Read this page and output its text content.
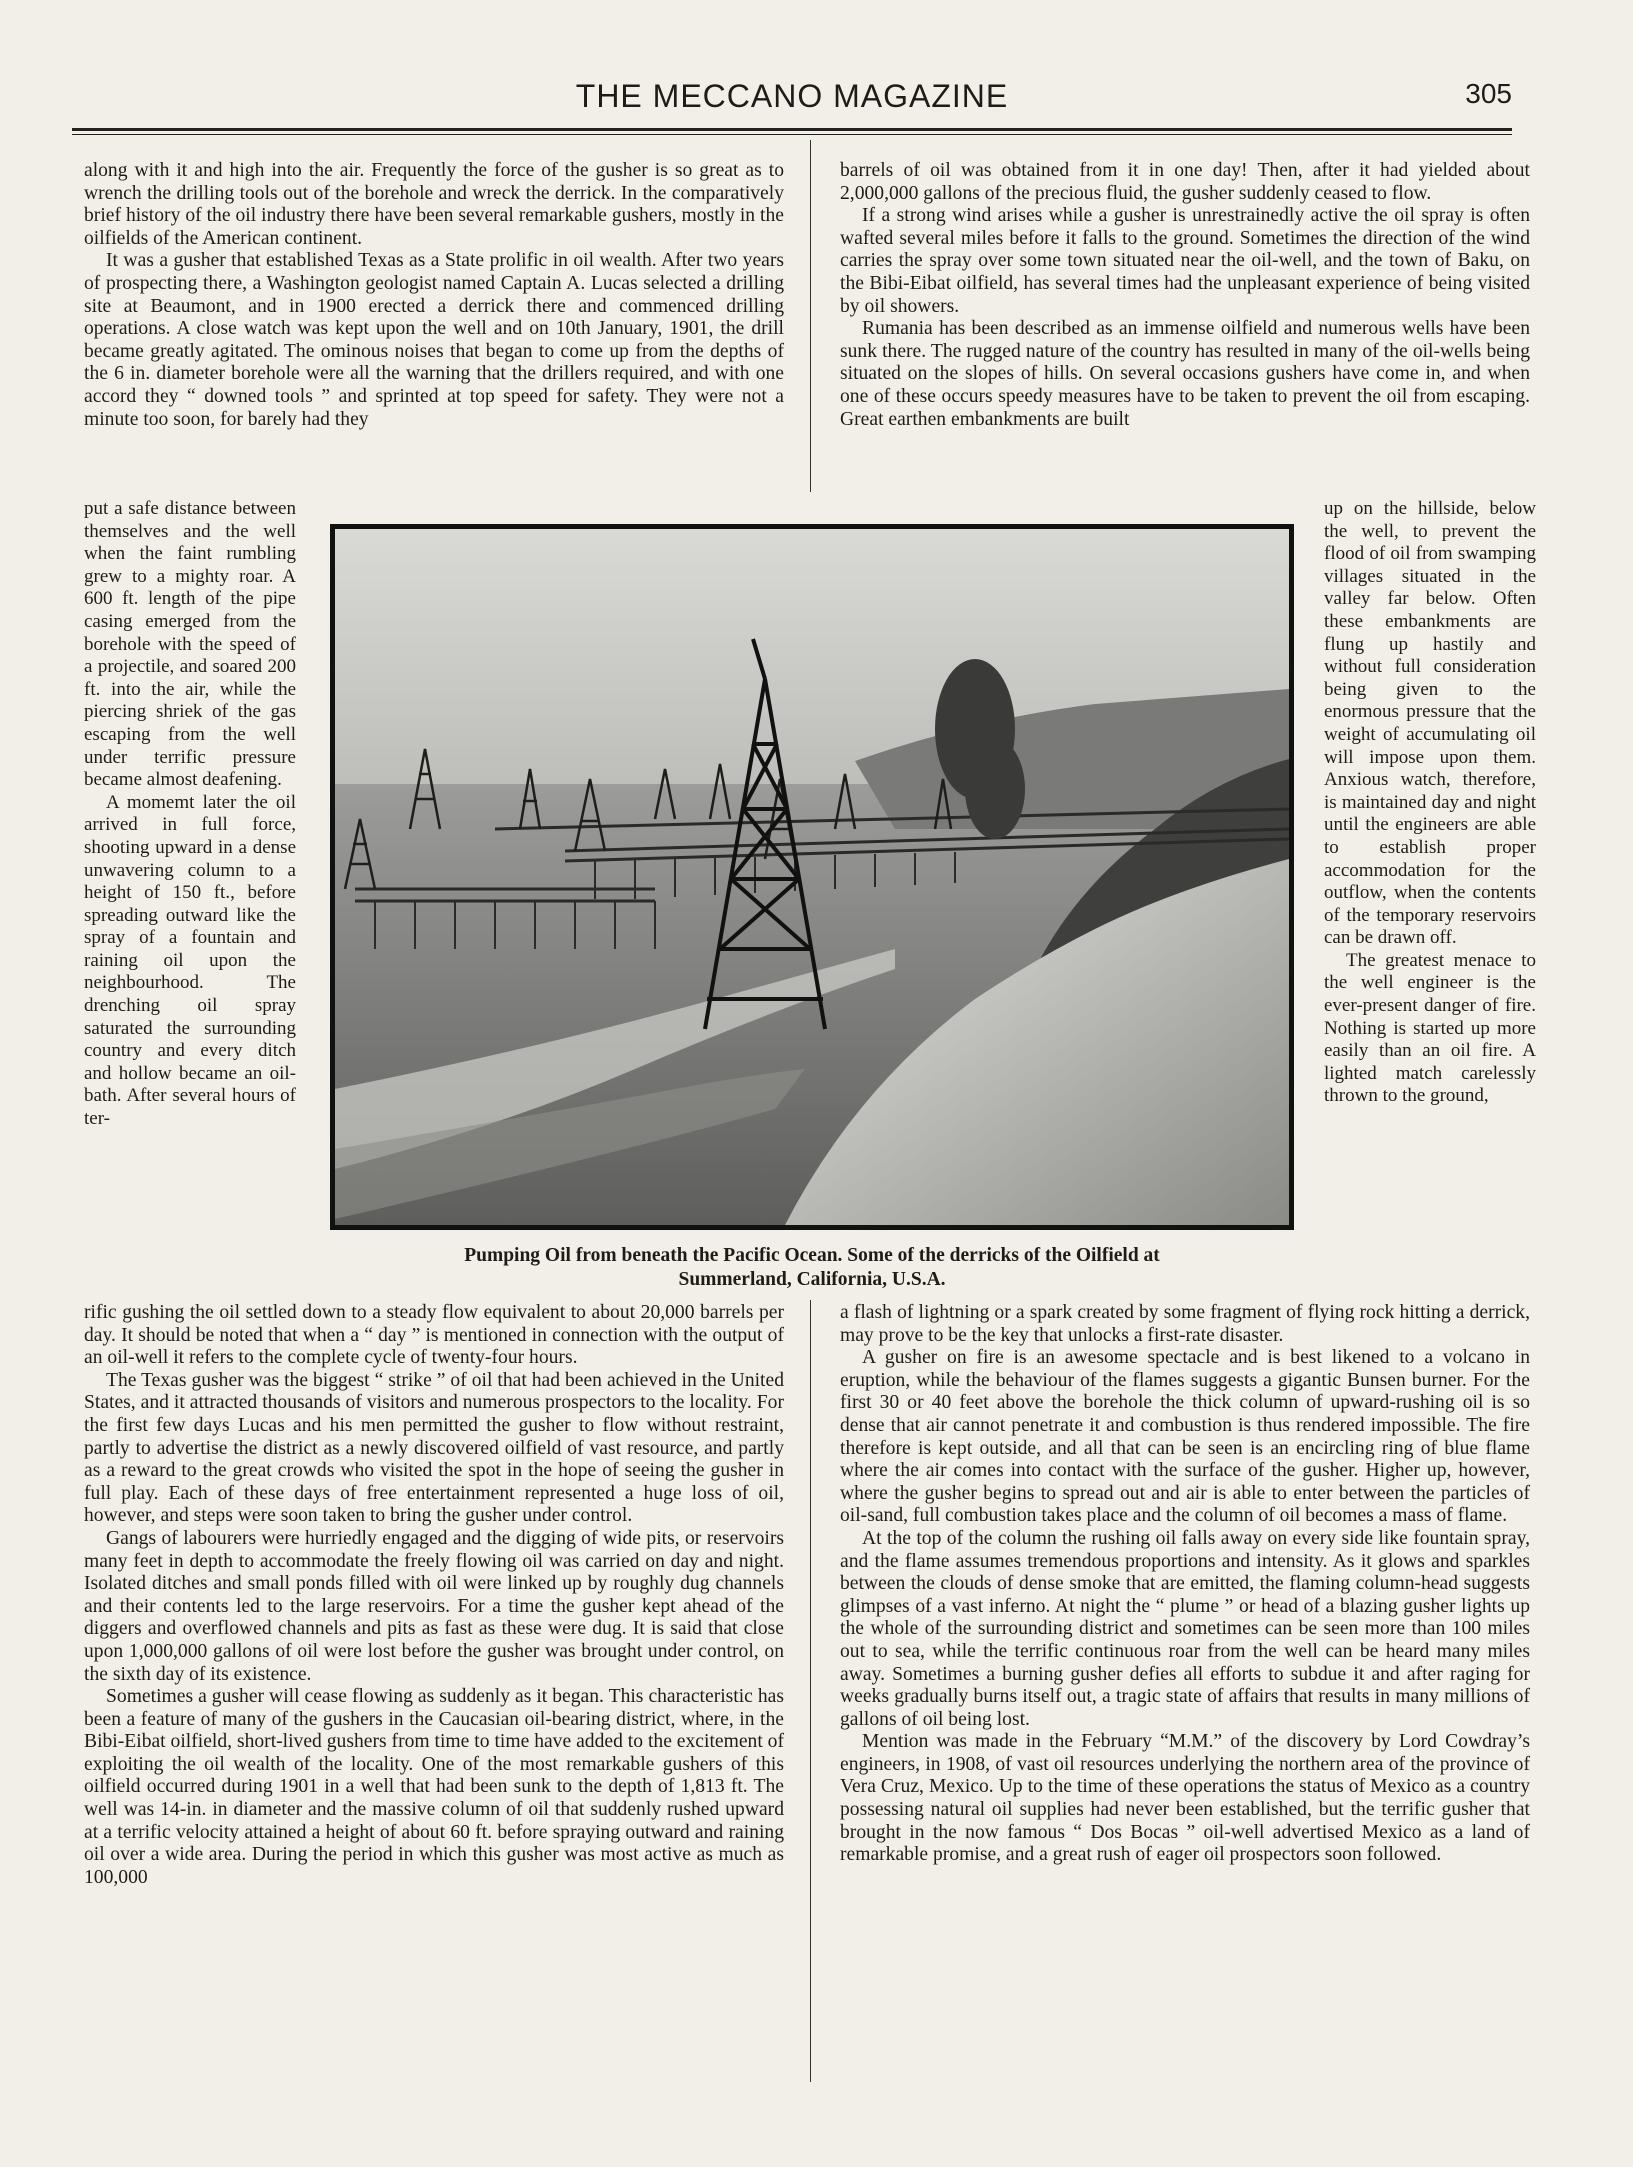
THE MECCANO MAGAZINE	305

along with it and high into the air. Frequently the force of the gusher is so great as to wrench the drilling tools out of the borehole and wreck the derrick. In the comparatively brief history of the oil industry there have been several remarkable gushers, mostly in the oilfields of the American continent.

It was a gusher that established Texas as a State prolific in oil wealth. After two years of prospecting there, a Washington geologist named Captain A. Lucas selected a drilling site at Beaumont, and in 1900 erected a derrick there and commenced drilling operations. A close watch was kept upon the well and on 10th January, 1901, the drill became greatly agitated. The ominous noises that began to come up from the depths of the 6 in. diameter borehole were all the warning that the drillers required, and with one accord they “ downed tools ” and sprinted at top speed for safety. They were not a minute too soon, for barely had they

barrels of oil was obtained from it in one day! Then, after it had yielded about 2,000,000 gallons of the precious fluid, the gusher suddenly ceased to flow.

If a strong wind arises while a gusher is unrestrainedly active the oil spray is often wafted several miles before it falls to the ground. Sometimes the direction of the wind carries the spray over some town situated near the oil-well, and the town of Baku, on the Bibi-Eibat oilfield, has several times had the unpleasant experience of being visited by oil showers.

Rumania has been described as an immense oilfield and numerous wells have been sunk there. The rugged nature of the country has resulted in many of the oil-wells being situated on the slopes of hills. On several occasions gushers have come in, and when one of these occurs speedy measures have to be taken to prevent the oil from escaping. Great earthen embankments are built

put a safe distance between themselves and the well when the faint rumbling grew to a mighty roar. A 600 ft. length of the pipe casing emerged from the borehole with the speed of a projectile, and soared 200 ft. into the air, while the piercing shriek of the gas escaping from the well under terrific pressure became almost deafening.

A momemt later the oil arrived in full force, shooting upward in a dense unwavering column to a height of 150 ft., before spreading outward like the spray of a fountain and raining oil upon the neighbourhood. The drenching oil spray saturated the surrounding country and every ditch and hollow became an oil-bath. After several hours of ter-

up on the hillside, below the well, to prevent the flood of oil from swamping villages situated in the valley far below. Often these embankments are flung up hastily and without full consideration being given to the enormous pressure that the weight of accumulating oil will impose upon them. Anxious watch, therefore, is maintained day and night until the engineers are able to establish proper accommodation for the outflow, when the contents of the temporary reservoirs can be drawn off.

The greatest menace to the well engineer is the ever-present danger of fire. Nothing is started up more easily than an oil fire. A lighted match carelessly thrown to the ground,

Pumping Oil from beneath the Pacific Ocean. Some of the derricks of the Oilfield at
Summerland, California, U.S.A.

rific gushing the oil settled down to a steady flow equivalent to about 20,000 barrels per day. It should be noted that when a “ day ” is mentioned in connection with the output of an oil-well it refers to the complete cycle of twenty-four hours.

The Texas gusher was the biggest “ strike ” of oil that had been achieved in the United States, and it attracted thousands of visitors and numerous prospectors to the locality. For the first few days Lucas and his men permitted the gusher to flow without restraint, partly to advertise the district as a newly discovered oilfield of vast resource, and partly as a reward to the great crowds who visited the spot in the hope of seeing the gusher in full play. Each of these days of free entertainment represented a huge loss of oil, however, and steps were soon taken to bring the gusher under control.

Gangs of labourers were hurriedly engaged and the digging of wide pits, or reservoirs many feet in depth to accommodate the freely flowing oil was carried on day and night. Isolated ditches and small ponds filled with oil were linked up by roughly dug channels and their contents led to the large reservoirs. For a time the gusher kept ahead of the diggers and overflowed channels and pits as fast as these were dug. It is said that close upon 1,000,000 gallons of oil were lost before the gusher was brought under control, on the sixth day of its existence.

Sometimes a gusher will cease flowing as suddenly as it began. This characteristic has been a feature of many of the gushers in the Caucasian oil-bearing district, where, in the Bibi-Eibat oilfield, short-lived gushers from time to time have added to the excitement of exploiting the oil wealth of the locality. One of the most remarkable gushers of this oilfield occurred during 1901 in a well that had been sunk to the depth of 1,813 ft. The well was 14-in. in diameter and the massive column of oil that suddenly rushed upward at a terrific velocity attained a height of about 60 ft. before spraying outward and raining oil over a wide area. During the period in which this gusher was most active as much as 100,000

a flash of lightning or a spark created by some fragment of flying rock hitting a derrick, may prove to be the key that unlocks a first-rate disaster.

A gusher on fire is an awesome spectacle and is best likened to a volcano in eruption, while the behaviour of the flames suggests a gigantic Bunsen burner. For the first 30 or 40 feet above the borehole the thick column of upward-rushing oil is so dense that air cannot penetrate it and combustion is thus rendered impossible. The fire therefore is kept outside, and all that can be seen is an encircling ring of blue flame where the air comes into contact with the surface of the gusher. Higher up, however, where the gusher begins to spread out and air is able to enter between the particles of oil-sand, full combustion takes place and the column of oil becomes a mass of flame.

At the top of the column the rushing oil falls away on every side like fountain spray, and the flame assumes tremendous proportions and intensity. As it glows and sparkles between the clouds of dense smoke that are emitted, the flaming column-head suggests glimpses of a vast inferno. At night the “ plume ” or head of a blazing gusher lights up the whole of the surrounding district and sometimes can be seen more than 100 miles out to sea, while the terrific continuous roar from the well can be heard many miles away. Sometimes a burning gusher defies all efforts to subdue it and after raging for weeks gradually burns itself out, a tragic state of affairs that results in many millions of gallons of oil being lost.

Mention was made in the February “M.M.” of the discovery by Lord Cowdray’s engineers, in 1908, of vast oil resources underlying the northern area of the province of Vera Cruz, Mexico. Up to the time of these operations the status of Mexico as a country possessing natural oil supplies had never been established, but the terrific gusher that brought in the now famous “ Dos Bocas ” oil-well advertised Mexico as a land of remarkable promise, and a great rush of eager oil prospectors soon followed.
